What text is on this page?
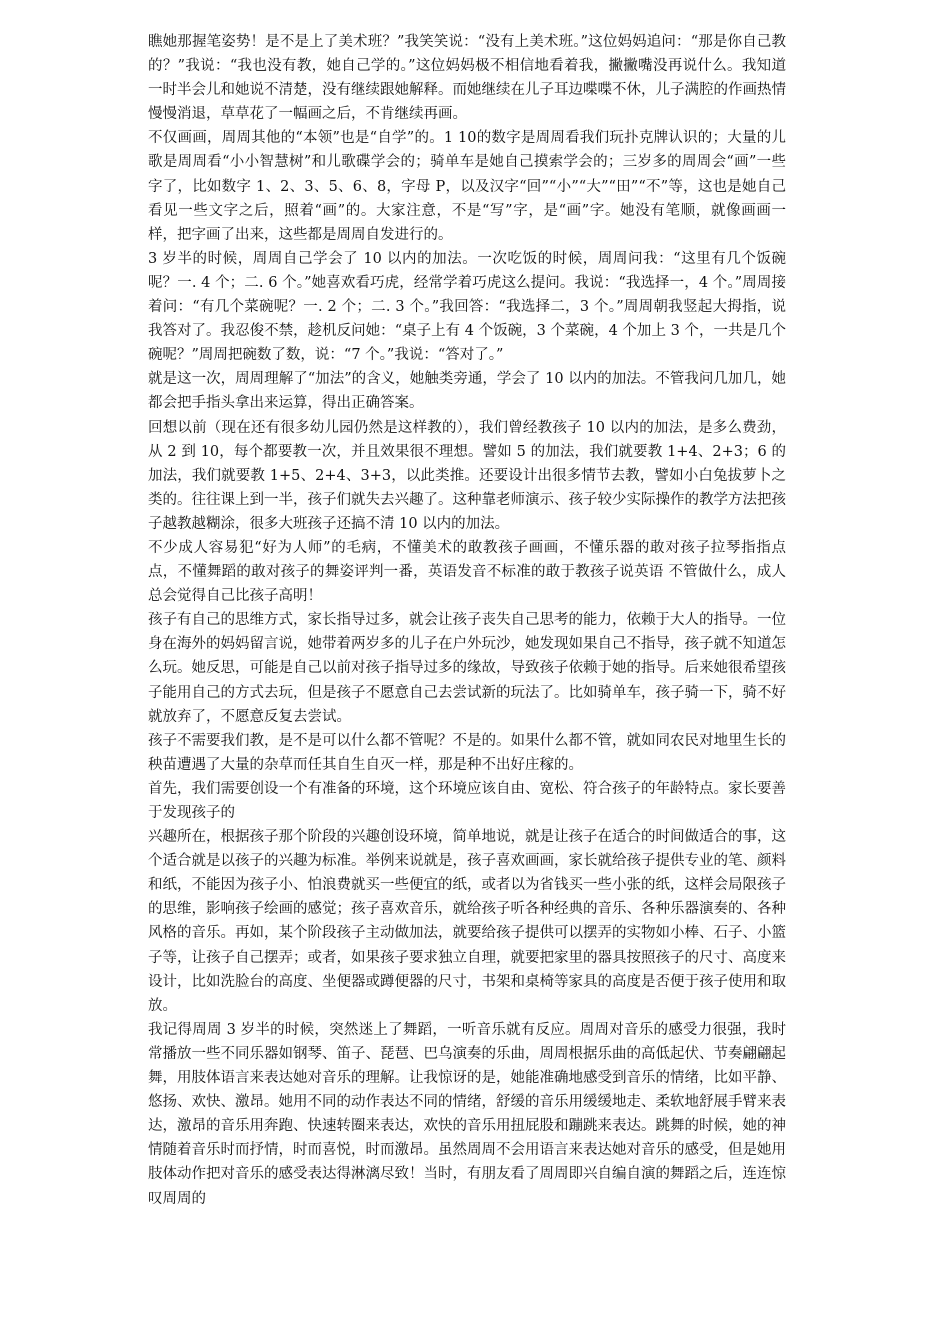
瞧她那握笔姿势！是不是上了美术班？”我笑笑说：“没有上美术班。”这位妈妈追问：“那是你自己教的？”我说：“我也没有教，她自己学的。”这位妈妈极不相信地看着我，撇撇嘴没再说什么。我知道一时半会儿和她说不清楚，没有继续跟她解释。而她继续在儿子耳边喋喋不休，儿子满腔的作画热情慢慢消退，草草花了一幅画之后，不肯继续再画。

不仅画画，周周其他的“本领”也是“自学”的。1 10的数字是周周看我们玩扑克牌认识的；大量的儿歌是周周看“小小智慧树”和儿歌碟学会的；骑单车是她自己摸索学会的；三岁多的周周会“画”一些字了，比如数字 1、2、3、5、6、8，字母 P，以及汉字“回”“小”“大”“田”“不”等，这也是她自己看见一些文字之后，照着“画”的。大家注意，不是“写”字，是“画”字。她没有笔顺，就像画画一样，把字画了出来，这些都是周周自发进行的。

3 岁半的时候，周周自己学会了 10 以内的加法。一次吃饭的时候，周周问我：“这里有几个饭碗呢？一. 4 个；二. 6 个。”她喜欢看巧虎，经常学着巧虎这么提问。我说：“我选择一，4 个。”周周接着问：“有几个菜碗呢？一. 2 个；二. 3 个。”我回答：“我选择二，3 个。”周周朝我竖起大拇指，说我答对了。我忍俊不禁，趁机反问她：“桌子上有 4 个饭碗，3 个菜碗，4 个加上 3 个，一共是几个碗呢？”周周把碗数了数，说：“7 个。”我说：“答对了。”

就是这一次，周周理解了“加法”的含义，她触类旁通，学会了 10 以内的加法。不管我问几加几，她都会把手指头拿出来运算，得出正确答案。

回想以前（现在还有很多幼儿园仍然是这样教的），我们曾经教孩子 10 以内的加法，是多么费劲，从 2 到 10，每个都要教一次，并且效果很不理想。譬如 5 的加法，我们就要教 1+4、2+3；6 的加法，我们就要教 1+5、2+4、3+3，以此类推。还要设计出很多情节去教，譬如小白兔拔萝卜之类的。往往课上到一半，孩子们就失去兴趣了。这种靠老师演示、孩子较少实际操作的教学方法把孩子越教越糊涂，很多大班孩子还搞不清 10 以内的加法。

不少成人容易犯“好为人师”的毛病，不懂美术的敢教孩子画画，不懂乐器的敢对孩子拉琴指指点点，不懂舞蹈的敢对孩子的舞姿评判一番，英语发音不标准的敢于教孩子说英语 不管做什么，成人总会觉得自己比孩子高明！

孩子有自己的思维方式，家长指导过多，就会让孩子丧失自己思考的能力，依赖于大人的指导。一位身在海外的妈妈留言说，她带着两岁多的儿子在户外玩沙，她发现如果自己不指导，孩子就不知道怎么玩。她反思，可能是自己以前对孩子指导过多的缘故，导致孩子依赖于她的指导。后来她很希望孩子能用自己的方式去玩，但是孩子不愿意自己去尝试新的玩法了。比如骑单车，孩子骑一下，骑不好就放弃了，不愿意反复去尝试。

孩子不需要我们教，是不是可以什么都不管呢？不是的。如果什么都不管，就如同农民对地里生长的秧苗遭遇了大量的杂草而任其自生自灭一样，那是种不出好庄稼的。

首先，我们需要创设一个有准备的环境，这个环境应该自由、宽松、符合孩子的年龄特点。家长要善于发现孩子的

兴趣所在，根据孩子那个阶段的兴趣创设环境，简单地说，就是让孩子在适合的时间做适合的事，这个适合就是以孩子的兴趣为标准。举例来说就是，孩子喜欢画画，家长就给孩子提供专业的笔、颜料和纸，不能因为孩子小、怕浪费就买一些便宜的纸，或者以为省钱买一些小张的纸，这样会局限孩子的思维，影响孩子绘画的感觉；孩子喜欢音乐，就给孩子听各种经典的音乐、各种乐器演奏的、各种风格的音乐。再如，某个阶段孩子主动做加法，就要给孩子提供可以摆弄的实物如小棒、石子、小篮子等，让孩子自己摆弄；或者，如果孩子要求独立自理，就要把家里的器具按照孩子的尺寸、高度来设计，比如洗脸台的高度、坐便器或蹲便器的尺寸，书架和桌椅等家具的高度是否便于孩子使用和取放。

我记得周周 3 岁半的时候，突然迷上了舞蹈，一听音乐就有反应。周周对音乐的感受力很强，我时常播放一些不同乐器如钢琴、笛子、琵琶、巴乌演奏的乐曲，周周根据乐曲的高低起伏、节奏翩翩起舞，用肢体语言来表达她对音乐的理解。让我惊讶的是，她能准确地感受到音乐的情绪，比如平静、悠扬、欢快、激昂。她用不同的动作表达不同的情绪，舒缓的音乐用缓缓地走、柔软地舒展手臂来表达，激昂的音乐用奔跑、快速转圈来表达，欢快的音乐用扭屁股和蹦跳来表达。跳舞的时候，她的神情随着音乐时而抒情，时而喜悦，时而激昂。虽然周周不会用语言来表达她对音乐的感受，但是她用肢体动作把对音乐的感受表达得淋漓尽致！当时，有朋友看了周周即兴自编自演的舞蹈之后，连连惊叹周周的
